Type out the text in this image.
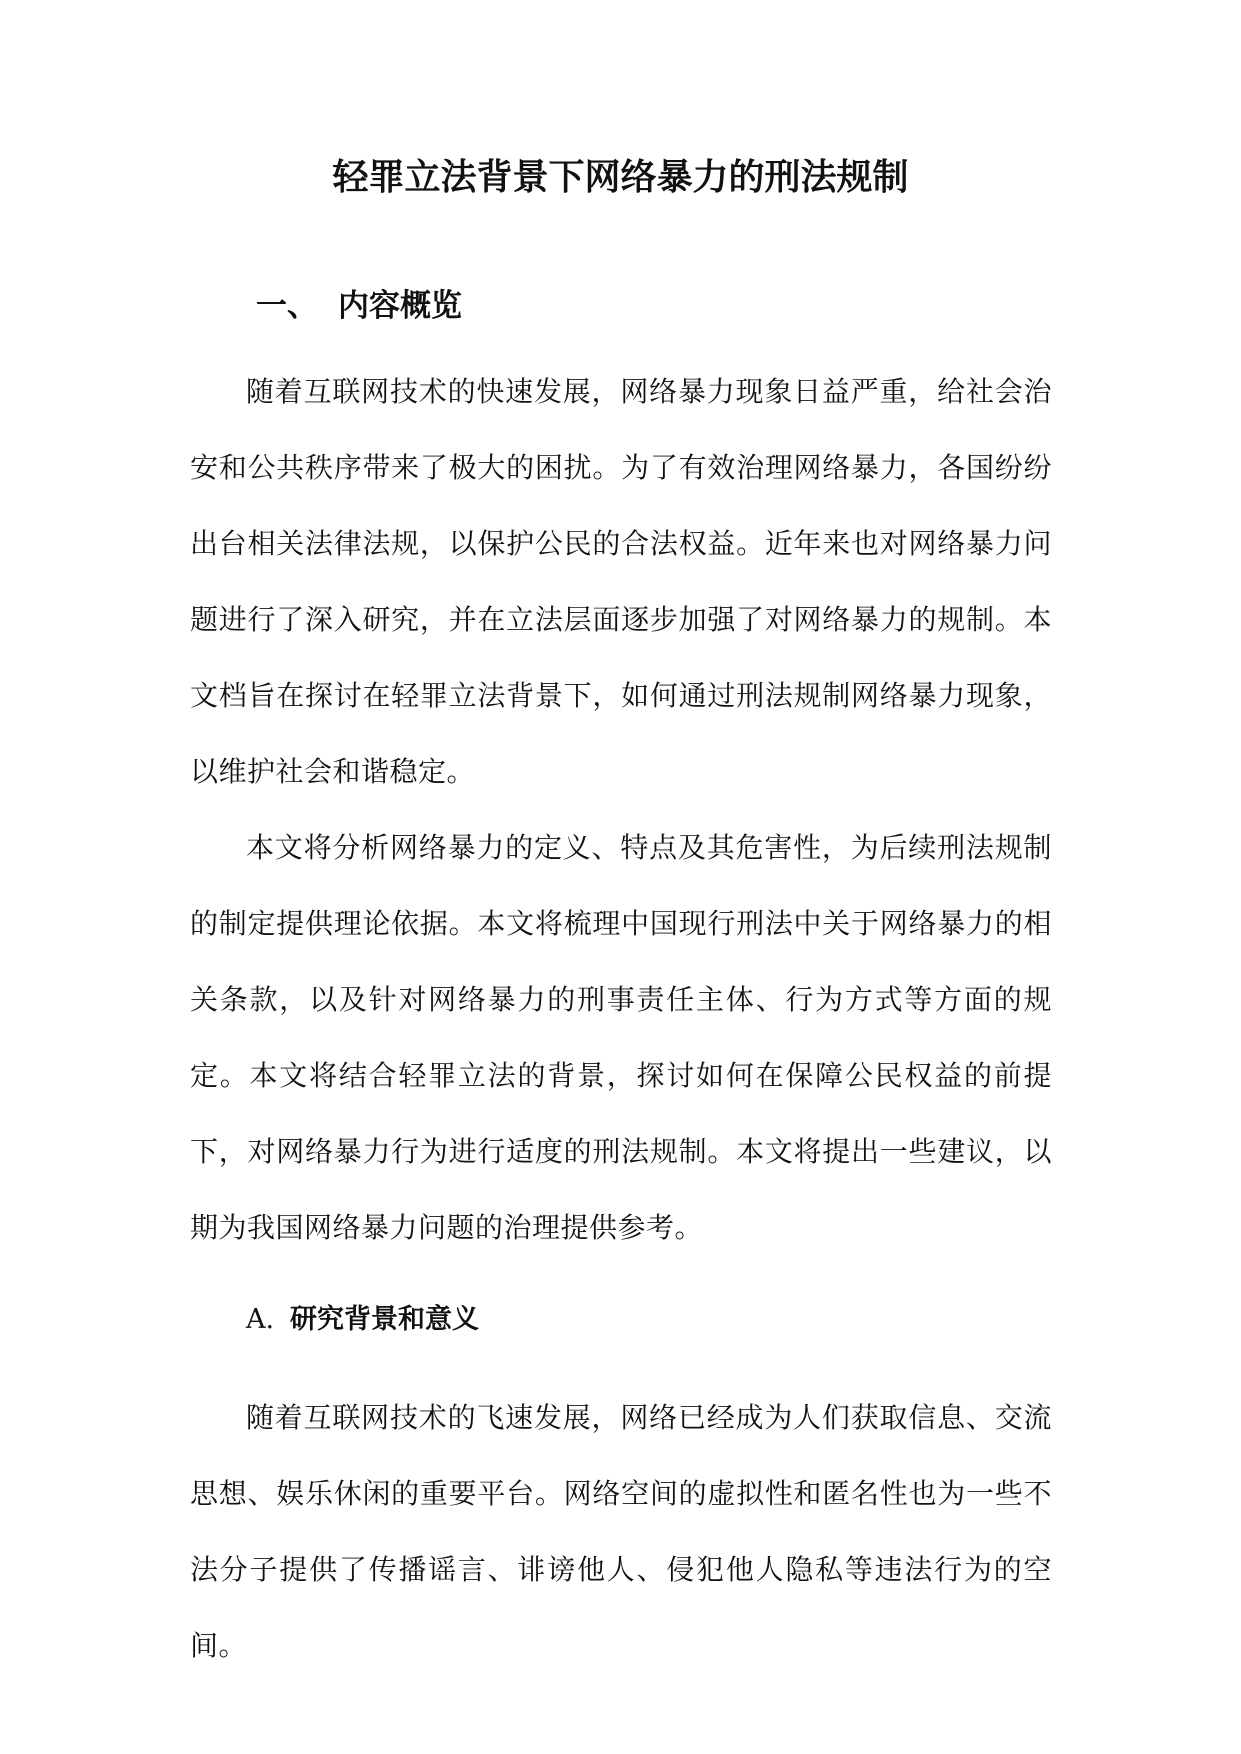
轻罪立法背景下网络暴力的刑法规制
一、 内容概览

随着互联网技术的快速发展，网络暴力现象日益严重，给社会治安和公共秩序带来了极大的困扰。为了有效治理网络暴力，各国纷纷出台相关法律法规，以保护公民的合法权益。近年来也对网络暴力问题进行了深入研究，并在立法层面逐步加强了对网络暴力的规制。本文档旨在探讨在轻罪立法背景下，如何通过刑法规制网络暴力现象，以维护社会和谐稳定。

本文将分析网络暴力的定义、特点及其危害性，为后续刑法规制的制定提供理论依据。本文将梳理中国现行刑法中关于网络暴力的相关条款，以及针对网络暴力的刑事责任主体、行为方式等方面的规定。本文将结合轻罪立法的背景，探讨如何在保障公民权益的前提下，对网络暴力行为进行适度的刑法规制。本文将提出一些建议，以期为我国网络暴力问题的治理提供参考。

A. 研究背景和意义

随着互联网技术的飞速发展，网络已经成为人们获取信息、交流思想、娱乐休闲的重要平台。网络空间的虚拟性和匿名性也为一些不法分子提供了传播谣言、诽谤他人、侵犯他人隐私等违法行为的空间。
